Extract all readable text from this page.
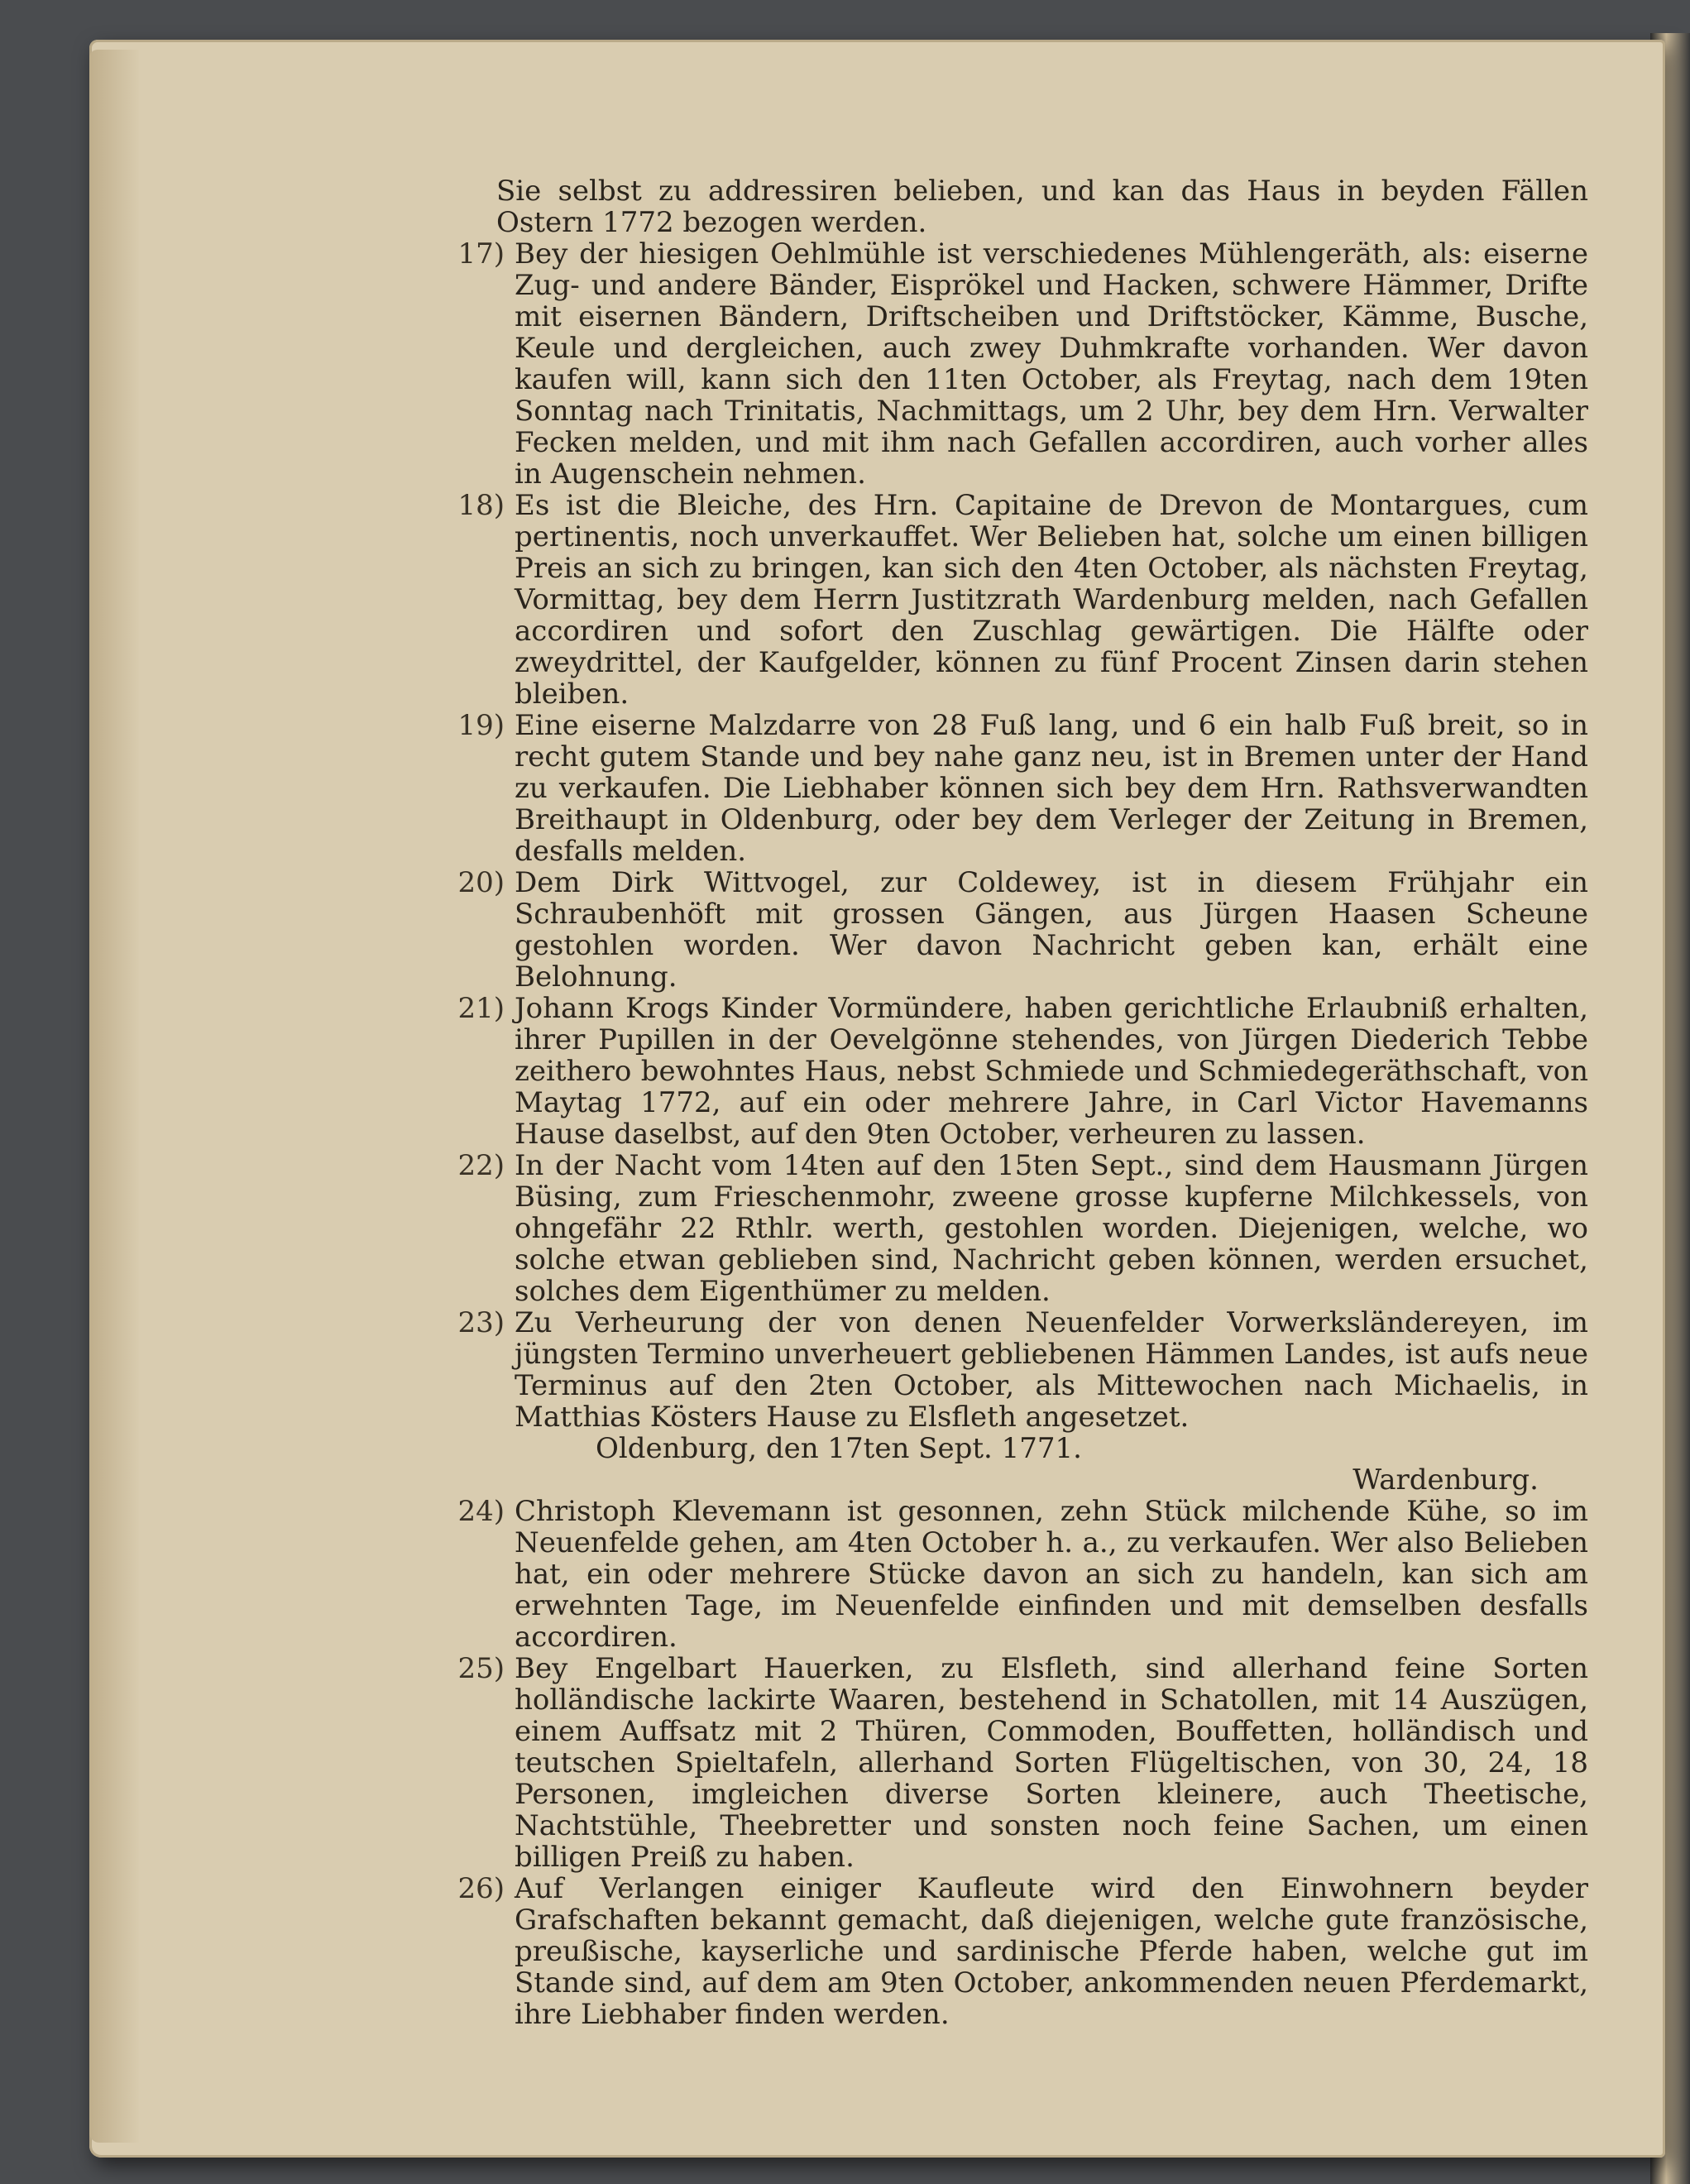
Sie selbst zu addressiren belieben, und kan das Haus in beyden Fällen Ostern 1772 bezogen werden.

17) Bey der hiesigen Oehlmühle ist verschiedenes Mühlengeräth, als: eiserne Zug- und andere Bänder, Eisprökel und Hacken, schwere Hämmer, Drifte mit eisernen Bändern, Driftscheiben und Driftstöcker, Kämme, Busche, Keule und dergleichen, auch zwey Duhmkrafte vorhanden. Wer davon kaufen will, kann sich den 11ten October, als Freytag, nach dem 19ten Sonntag nach Trinitatis, Nachmittags, um 2 Uhr, bey dem Hrn. Verwalter Fecken melden, und mit ihm nach Gefallen accordiren, auch vorher alles in Augenschein nehmen.

18) Es ist die Bleiche, des Hrn. Capitaine de Drevon de Montargues, cum pertinentis, noch unverkauffet. Wer Belieben hat, solche um einen billigen Preis an sich zu bringen, kan sich den 4ten October, als nächsten Freytag, Vormittag, bey dem Herrn Justitzrath Wardenburg melden, nach Gefallen accordiren und sofort den Zuschlag gewärtigen. Die Hälfte oder zweydrittel, der Kaufgelder, können zu fünf Procent Zinsen darin stehen bleiben.

19) Eine eiserne Malzdarre von 28 Fuß lang, und 6 ein halb Fuß breit, so in recht gutem Stande und bey nahe ganz neu, ist in Bremen unter der Hand zu verkaufen. Die Liebhaber können sich bey dem Hrn. Rathsverwandten Breithaupt in Oldenburg, oder bey dem Verleger der Zeitung in Bremen, desfalls melden.

20) Dem Dirk Wittvogel, zur Coldewey, ist in diesem Frühjahr ein Schraubenhöft mit grossen Gängen, aus Jürgen Haasen Scheune gestohlen worden. Wer davon Nachricht geben kan, erhält eine Belohnung.

21) Johann Krogs Kinder Vormündere, haben gerichtliche Erlaubniß erhalten, ihrer Pupillen in der Oevelgönne stehendes, von Jürgen Diederich Tebbe zeithero bewohntes Haus, nebst Schmiede und Schmiedegeräthschaft, von Maytag 1772, auf ein oder mehrere Jahre, in Carl Victor Havemanns Hause daselbst, auf den 9ten October, verheuren zu lassen.

22) In der Nacht vom 14ten auf den 15ten Sept., sind dem Hausmann Jürgen Büsing, zum Frieschenmohr, zweene grosse kupferne Milchkessels, von ohngefähr 22 Rthlr. werth, gestohlen worden. Diejenigen, welche, wo solche etwan geblieben sind, Nachricht geben können, werden ersuchet, solches dem Eigenthümer zu melden.

23) Zu Verheurung der von denen Neuenfelder Vorwerksländereyen, im jüngsten Termino unverheuert gebliebenen Hämmen Landes, ist aufs neue Terminus auf den 2ten October, als Mittewochen nach Michaelis, in Matthias Kösters Hause zu Elsfleth angesetzet.

Oldenburg, den 17ten Sept. 1771.
Wardenburg.

24) Christoph Klevemann ist gesonnen, zehn Stück milchende Kühe, so im Neuenfelde gehen, am 4ten October h. a., zu verkaufen. Wer also Belieben hat, ein oder mehrere Stücke davon an sich zu handeln, kan sich am erwehnten Tage, im Neuenfelde einfinden und mit demselben desfalls accordiren.

25) Bey Engelbart Hauerken, zu Elsfleth, sind allerhand feine Sorten holländische lackirte Waaren, bestehend in Schatollen, mit 14 Auszügen, einem Auffsatz mit 2 Thüren, Commoden, Bouffetten, holländisch und teutschen Spieltafeln, allerhand Sorten Flügeltischen, von 30, 24, 18 Personen, imgleichen diverse Sorten kleinere, auch Theetische, Nachtstühle, Theebretter und sonsten noch feine Sachen, um einen billigen Preiß zu haben.

26) Auf Verlangen einiger Kaufleute wird den Einwohnern beyder Grafschaften bekannt gemacht, daß diejenigen, welche gute französische, preußische, kayserliche und sardinische Pferde haben, welche gut im Stande sind, auf dem am 9ten October, ankommenden neuen Pferdemarkt, ihre Liebhaber finden werden.
